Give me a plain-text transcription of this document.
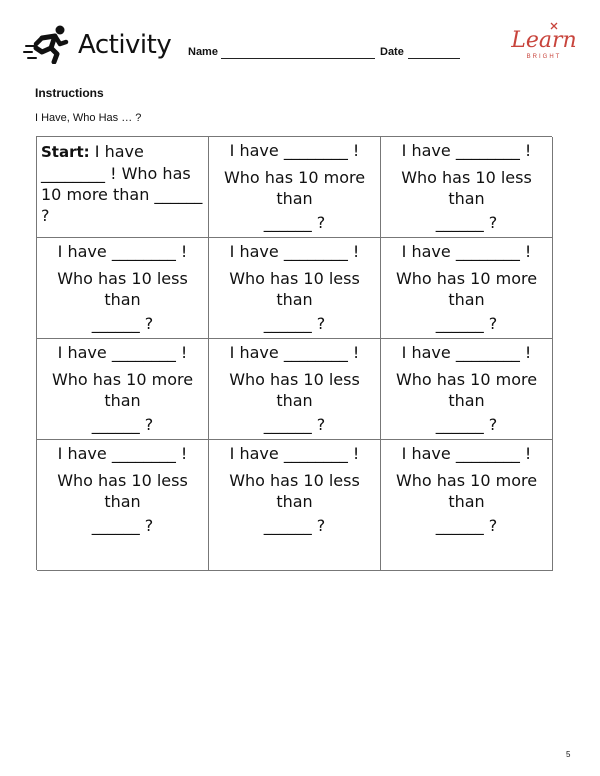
Activity Name	Date	Learn
BRIGHT
Instructions
I Have, Who Has … ?
Start: I have ________ ! Who has 10 more than ______ ?
I have ________ !
Who has 10 more than
______ ?
I have ________ !
Who has 10 less than
______ ?
I have ________ !
Who has 10 less than
______ ?
I have ________ !
Who has 10 less than
______ ?
I have ________ !
Who has 10 more than
______ ?
I have ________ !
Who has 10 more than
______ ?
I have ________ !
Who has 10 less than
______ ?
I have ________ !
Who has 10 more than
______ ?
I have ________ !
Who has 10 less than
______ ?
I have ________ !
Who has 10 less than
______ ?
I have ________ !
Who has 10 more than
______ ?
5
